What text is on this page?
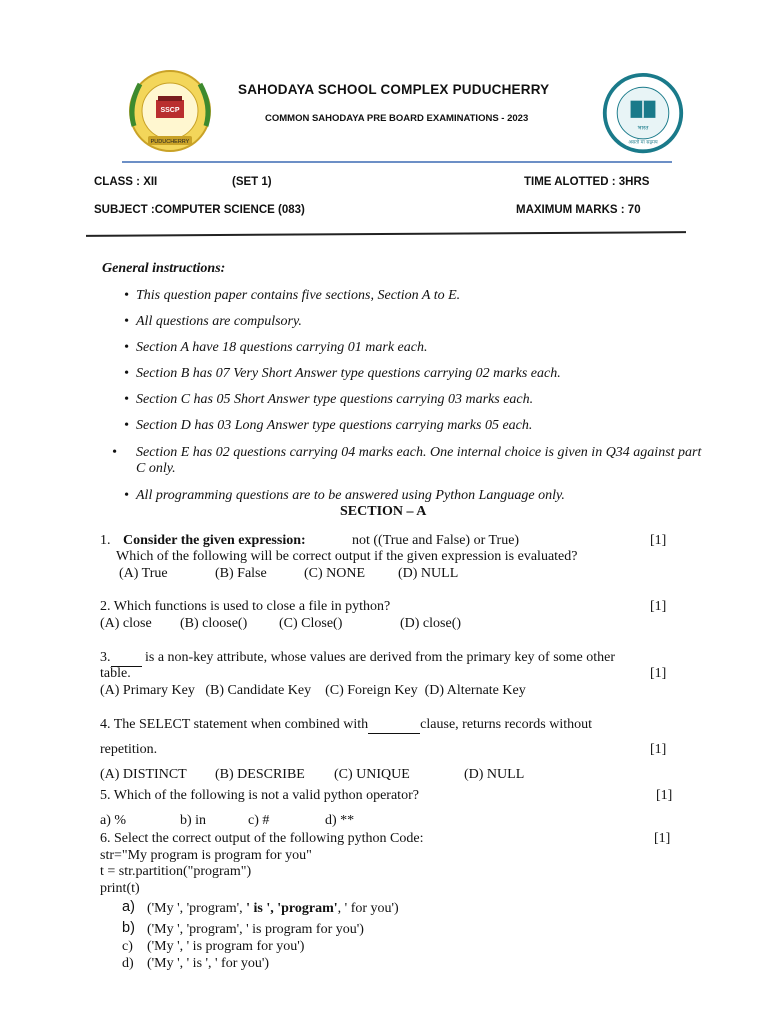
SSCP
PUDUCHERRY
भारत
असतो मा सद्गमय
SAHODAYA SCHOOL COMPLEX PUDUCHERRY
COMMON SAHODAYA PRE BOARD EXAMINATIONS - 2023
CLASS : XII	(SET 1)	TIME ALOTTED : 3HRS
SUBJECT :COMPUTER SCIENCE (083)	MAXIMUM MARKS : 70
General instructions:
• This question paper contains five sections, Section A to E.
• All questions are compulsory.
• Section A have 18 questions carrying 01 mark each.
• Section B has 07 Very Short Answer type questions carrying 02 marks each.
• Section C has 05 Short Answer type questions carrying 03 marks each.
• Section D has 03 Long Answer type questions carrying marks 05 each.
• Section E has 02 questions carrying 04 marks each. One internal choice is given in Q34 against part C only.
• All programming questions are to be answered using Python Language only.
SECTION – A
1. Consider the given expression:	not ((True and False) or True)	[1]
Which of the following will be correct output if the given expression is evaluated?
(A) True	(B) False	(C) NONE (D) NULL
2. Which functions is used to close a file in python?	[1]
(A) close (B) cloose() (C) Close()	(D) close()
3.  is a non-key attribute, whose values are derived from the primary key of some other
table.	[1]
(A) Primary Key   (B) Candidate Key    (C) Foreign Key  (D) Alternate Key
4. The SELECT statement when combined with	clause, returns records without
repetition.	[1]
(A) DISTINCT (B) DESCRIBE (C) UNIQUE	(D) NULL
5. Which of the following is not a valid python operator?	[1]
a) %	b) in	c) #	d) **
6. Select the correct output of the following python Code:	[1]
str="My program is program for you"
t = str.partition("program")
print(t)
a) ('My ', 'program', ' is ', 'program', ' for you')
b) ('My ', 'program', ' is program for you')
c) ('My ', ' is program for you')
d) ('My ', ' is ', ' for you')
